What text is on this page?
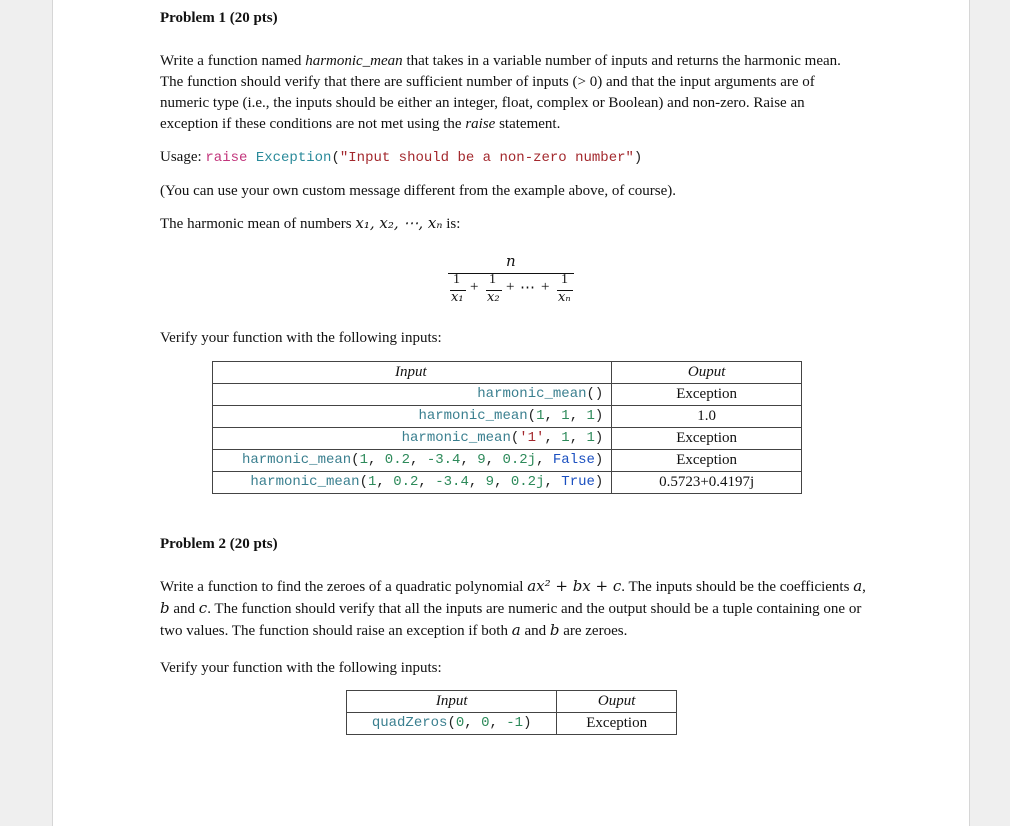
Problem 1 (20 pts)
Write a function named harmonic_mean that takes in a variable number of inputs and returns the harmonic mean. The function should verify that there are sufficient number of inputs (> 0) and that the input arguments are of numeric type (i.e., the inputs should be either an integer, float, complex or Boolean) and non-zero. Raise an exception if these conditions are not met using the raise statement.
Usage: raise Exception("Input should be a non-zero number")
(You can use your own custom message different from the example above, of course).
The harmonic mean of numbers x₁, x₂, ⋯, xₙ is:
n
1
x₁
+ 1
x₂
+ ⋯ + 1
xₙ
Verify your function with the following inputs:
Input	Ouput
harmonic_mean()	Exception
harmonic_mean(1, 1, 1)	1.0
harmonic_mean('1', 1, 1)	Exception
harmonic_mean(1, 0.2, -3.4, 9, 0.2j, False)	Exception
harmonic_mean(1, 0.2, -3.4, 9, 0.2j, True)	0.5723+0.4197j
Problem 2 (20 pts)
Write a function to find the zeroes of a quadratic polynomial ax² + bx + c. The inputs should be the coefficients a, b and c. The function should verify that all the inputs are numeric and the output should be a tuple containing one or two values. The function should raise an exception if both a and b are zeroes.
Verify your function with the following inputs:
Input	Ouput
quadZeros(0, 0, -1)	Exception
